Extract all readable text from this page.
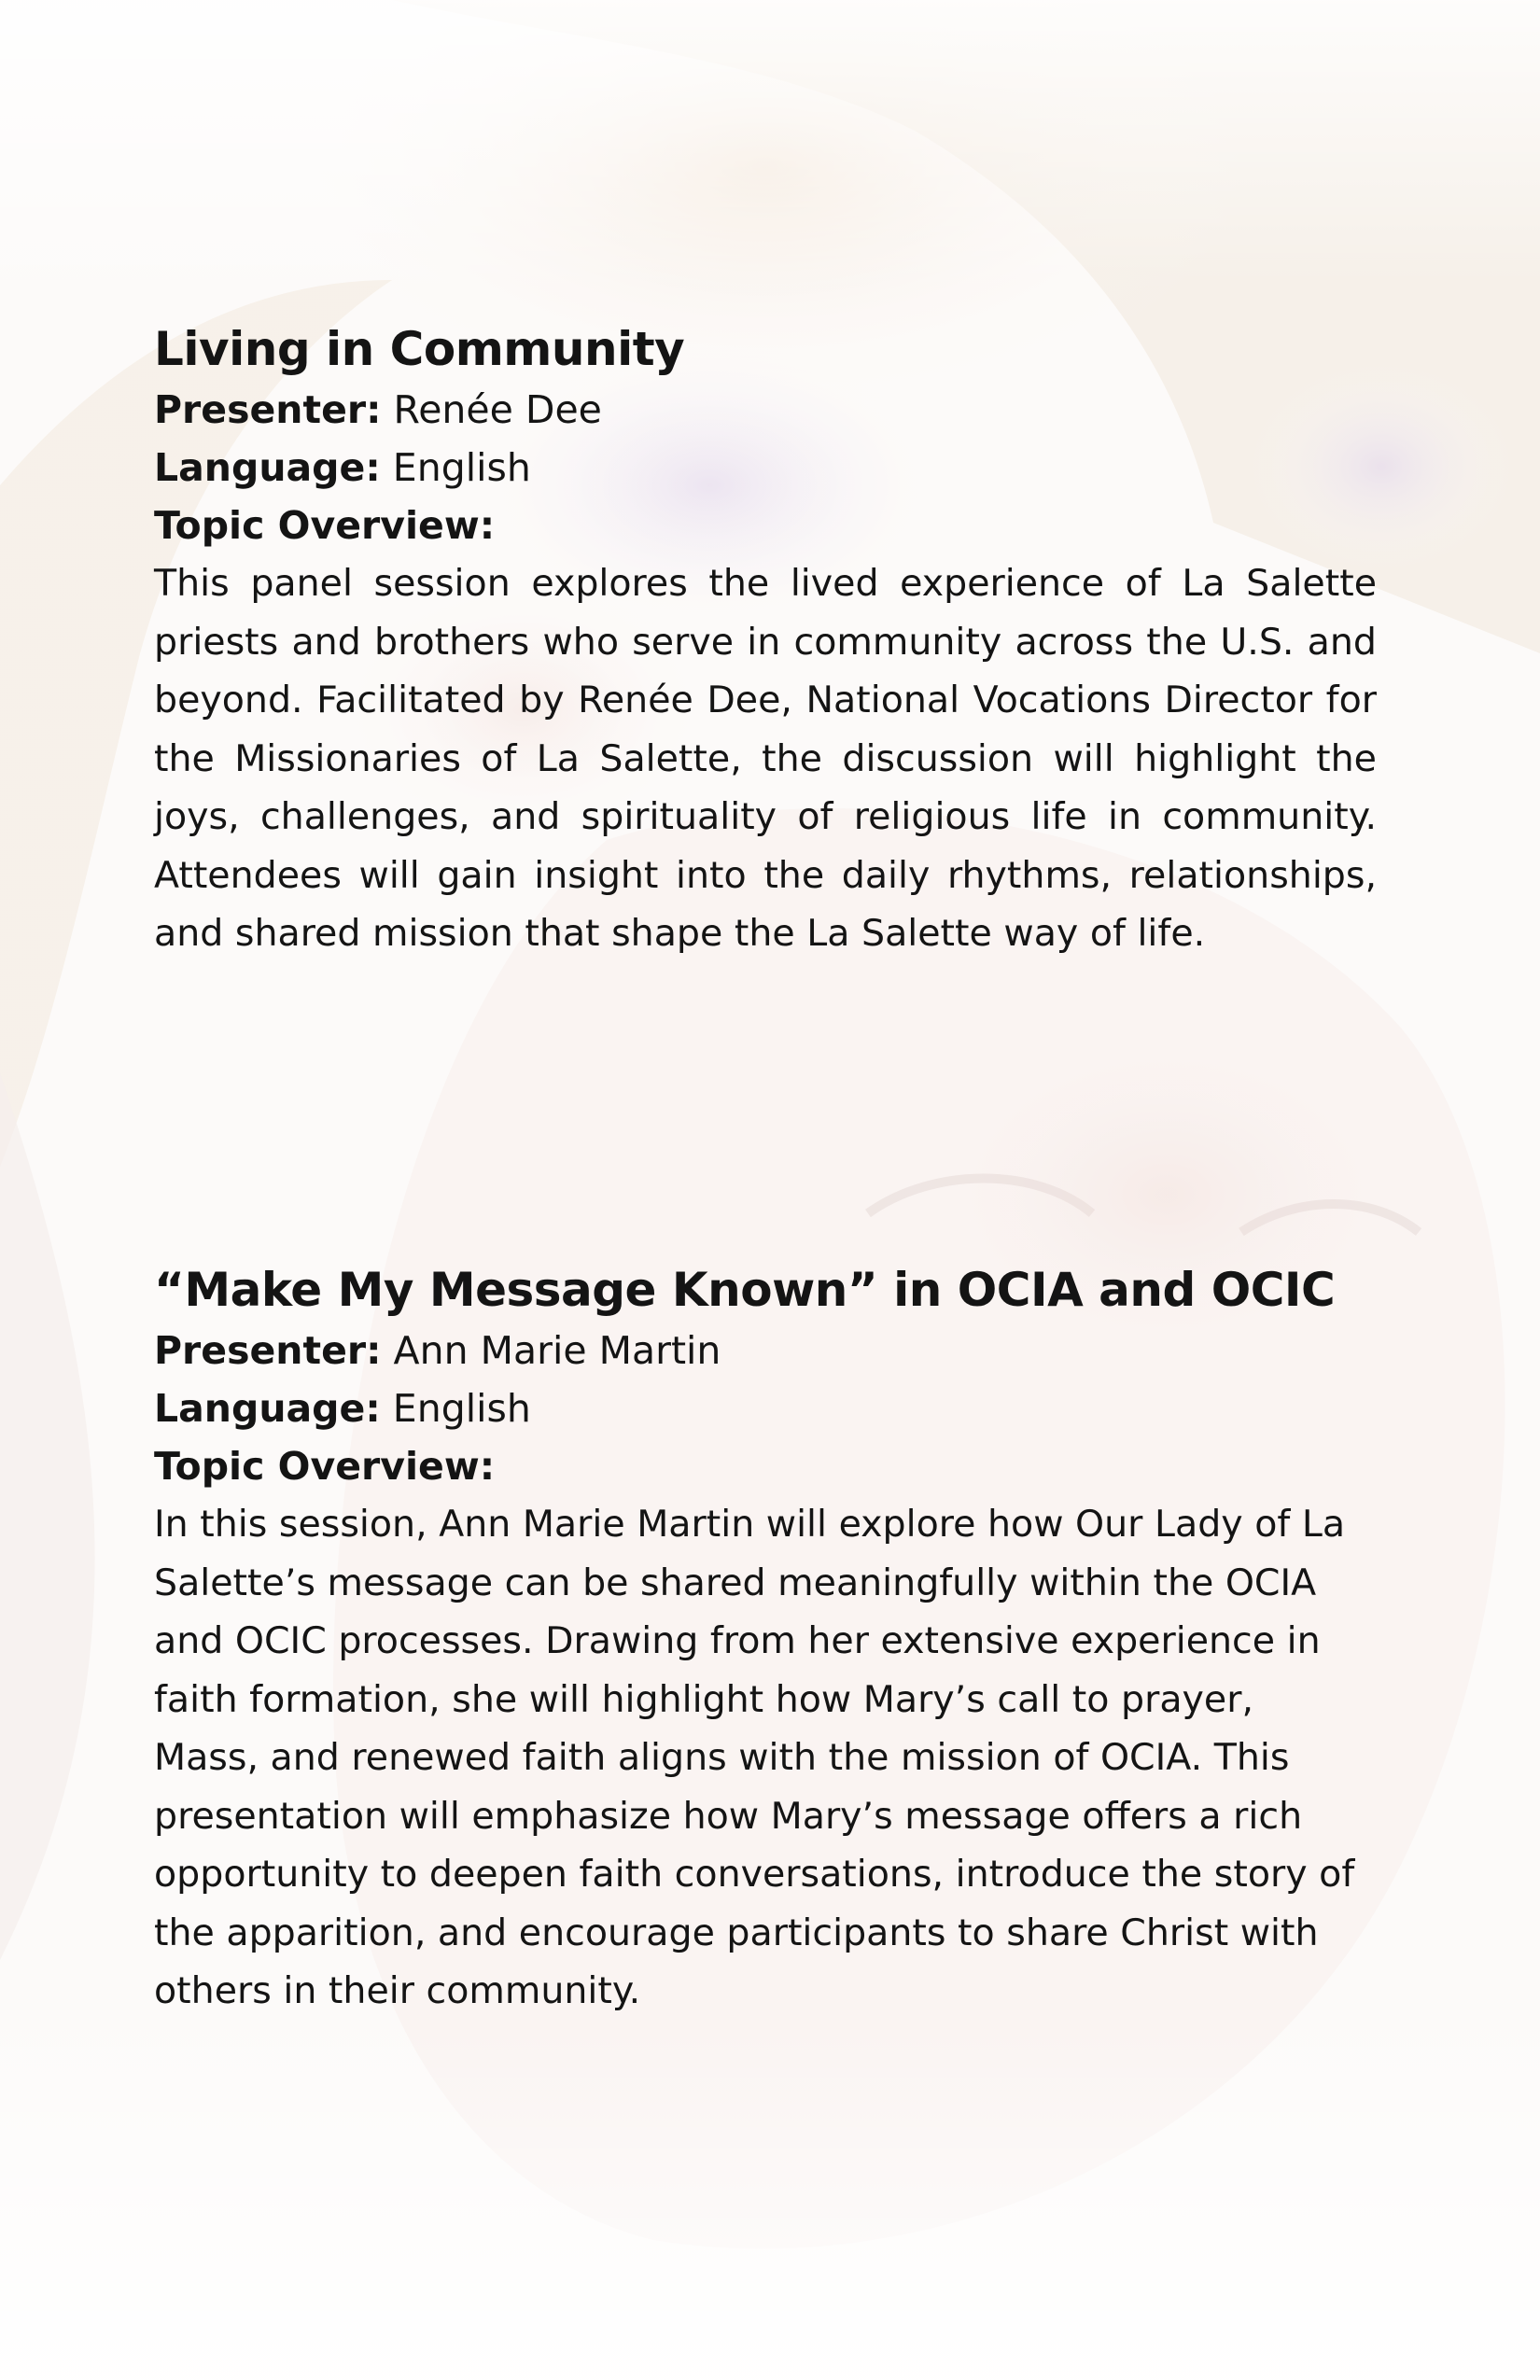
Living in Community

Presenter: Renée Dee

Language: English

Topic Overview:

This panel session explores the lived experience of La Salette priests and brothers who serve in community across the U.S. and beyond. Facilitated by Renée Dee, National Vocations Director for the Missionaries of La Salette, the discussion will highlight the joys, challenges, and spirituality of religious life in community. Attendees will gain insight into the daily rhythms, relationships, and shared mission that shape the La Salette way of life.

“Make My Message Known” in OCIA and OCIC

Presenter: Ann Marie Martin

Language: English

Topic Overview:

In this session, Ann Marie Martin will explore how Our Lady of La Salette’s message can be shared meaningfully within the OCIA and OCIC processes. Drawing from her extensive experience in faith formation, she will highlight how Mary’s call to prayer, Mass, and renewed faith aligns with the mission of OCIA. This presentation will emphasize how Mary’s message offers a rich opportunity to deepen faith conversations, introduce the story of the apparition, and encourage participants to share Christ with others in their community.
